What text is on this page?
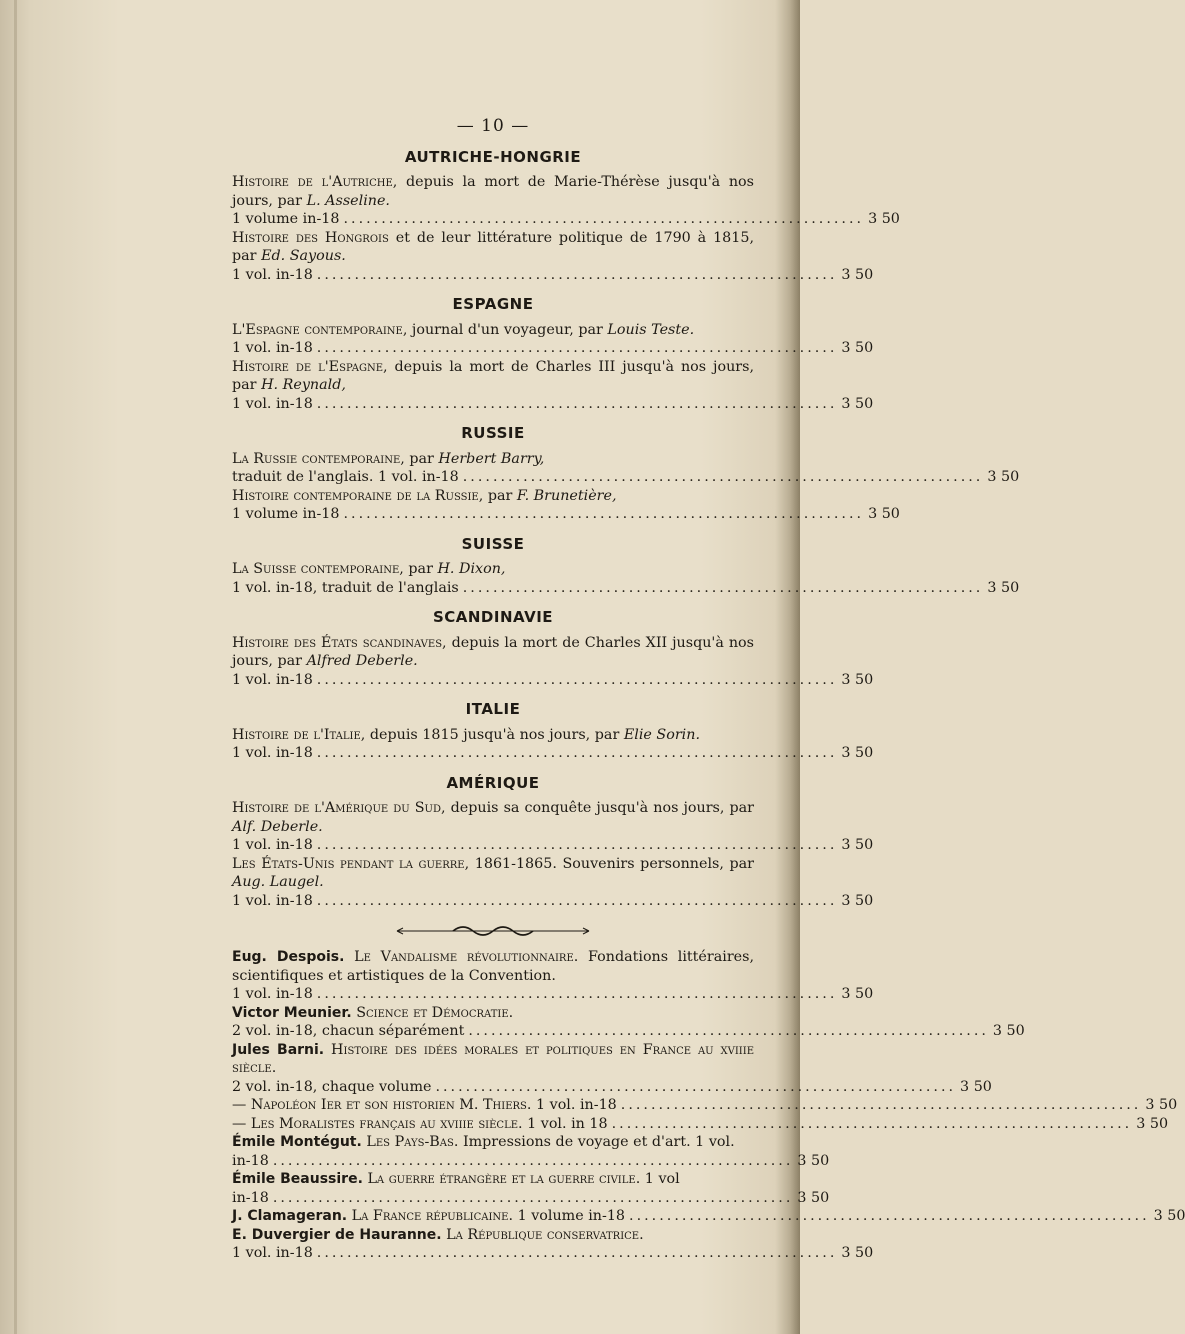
— 10 —
AUTRICHE-HONGRIE

Histoire de l'Autriche, depuis la mort de Marie-Thérèse jusqu'à nos jours, par L. Asseline.
1 volume in-18 ..................................................................... 3 50

Histoire des Hongrois et de leur littérature politique de 1790 à 1815, par Ed. Sayous.
1 vol. in-18 ..................................................................... 3 50

ESPAGNE

L'Espagne contemporaine, journal d'un voyageur, par Louis Teste.
1 vol. in-18 ..................................................................... 3 50

Histoire de l'Espagne, depuis la mort de Charles III jusqu'à nos jours, par H. Reynald,
1 vol. in-18 ..................................................................... 3 50

RUSSIE

La Russie contemporaine, par Herbert Barry,
traduit de l'anglais. 1 vol. in-18 ..................................................................... 3 50

Histoire contemporaine de la Russie, par F. Brunetière,
1 volume in-18 ..................................................................... 3 50

SUISSE

La Suisse contemporaine, par H. Dixon,
1 vol. in-18, traduit de l'anglais ..................................................................... 3 50

SCANDINAVIE

Histoire des États scandinaves, depuis la mort de Charles XII jusqu'à nos jours, par Alfred Deberle.
1 vol. in-18 ..................................................................... 3 50

ITALIE

Histoire de l'Italie, depuis 1815 jusqu'à nos jours, par Elie Sorin.
1 vol. in-18 ..................................................................... 3 50

AMÉRIQUE

Histoire de l'Amérique du Sud, depuis sa conquête jusqu'à nos jours, par Alf. Deberle.
1 vol. in-18 ..................................................................... 3 50

Les États-Unis pendant la guerre, 1861-1865. Souvenirs personnels, par Aug. Laugel.
1 vol. in-18 ..................................................................... 3 50

Eug. Despois. Le Vandalisme révolutionnaire. Fondations littéraires, scientifiques et artistiques de la Convention.
1 vol. in-18 ..................................................................... 3 50

Victor Meunier. Science et Démocratie.
2 vol. in-18, chacun séparément ..................................................................... 3 50

Jules Barni. Histoire des idées morales et politiques en France au xviiie siècle.
2 vol. in-18, chaque volume ..................................................................... 3 50

— Napoléon Ier et son historien M. Thiers. 1 vol. in-18 ..................................................................... 3 50

— Les Moralistes français au xviiie siècle. 1 vol. in 18 ..................................................................... 3 50

Émile Montégut. Les Pays-Bas. Impressions de voyage et d'art. 1 vol.
in-18 ..................................................................... 3 50

Émile Beaussire. La guerre étrangère et la guerre civile. 1 vol
in-18 ..................................................................... 3 50

J. Clamageran. La France républicaine. 1 volume in-18 ..................................................................... 3 50

E. Duvergier de Hauranne. La République conservatrice.
1 vol. in-18 ..................................................................... 3 50
